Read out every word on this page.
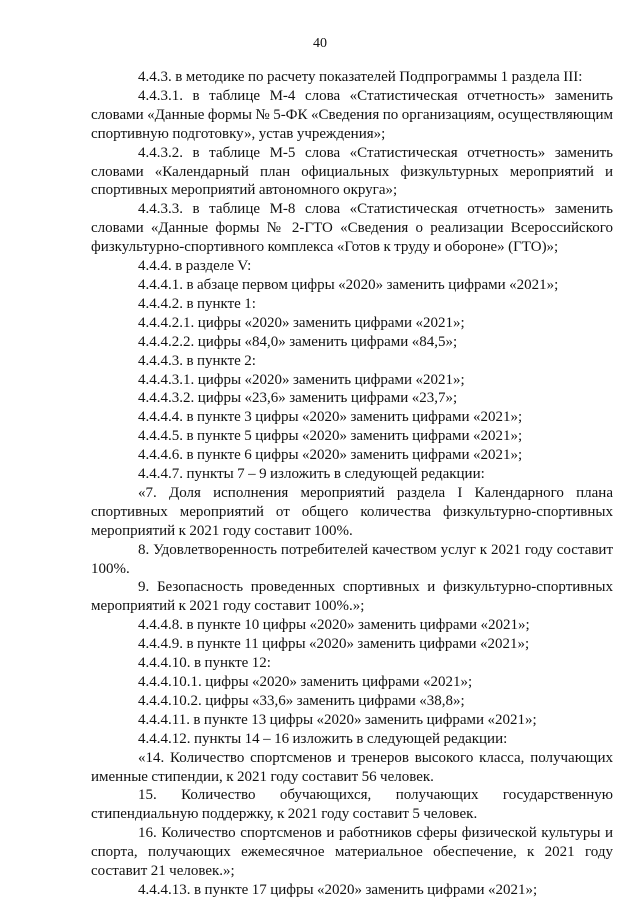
40

4.4.3. в методике по расчету показателей Подпрограммы 1 раздела III:

4.4.3.1. в таблице М-4 слова «Статистическая отчетность» заменить словами «Данные формы № 5-ФК «Сведения по организациям, осуществляющим спортивную подготовку», устав учреждения»;

4.4.3.2. в таблице М-5 слова «Статистическая отчетность» заменить словами «Календарный план официальных физкультурных мероприятий и спортивных мероприятий автономного округа»;

4.4.3.3. в таблице М-8 слова «Статистическая отчетность» заменить словами «Данные формы № 2-ГТО «Сведения о реализации Всероссийского физкультурно-спортивного комплекса «Готов к труду и обороне» (ГТО)»;

4.4.4. в разделе V:

4.4.4.1. в абзаце первом цифры «2020» заменить цифрами «2021»;

4.4.4.2. в пункте 1:

4.4.4.2.1. цифры «2020» заменить цифрами «2021»;

4.4.4.2.2. цифры «84,0» заменить цифрами «84,5»;

4.4.4.3. в пункте 2:

4.4.4.3.1. цифры «2020» заменить цифрами «2021»;

4.4.4.3.2. цифры «23,6» заменить цифрами «23,7»;

4.4.4.4. в пункте 3 цифры «2020» заменить цифрами «2021»;

4.4.4.5. в пункте 5 цифры «2020» заменить цифрами «2021»;

4.4.4.6. в пункте 6 цифры «2020» заменить цифрами «2021»;

4.4.4.7. пункты 7 – 9 изложить в следующей редакции:

«7. Доля исполнения мероприятий раздела I Календарного плана спортивных мероприятий от общего количества физкультурно-спортивных мероприятий к 2021 году составит 100%.

8. Удовлетворенность потребителей качеством услуг к 2021 году составит 100%.

9. Безопасность проведенных спортивных и физкультурно-спортивных мероприятий к 2021 году составит 100%.»;

4.4.4.8. в пункте 10 цифры «2020» заменить цифрами «2021»;

4.4.4.9. в пункте 11 цифры «2020» заменить цифрами «2021»;

4.4.4.10. в пункте 12:

4.4.4.10.1. цифры «2020» заменить цифрами «2021»;

4.4.4.10.2. цифры «33,6» заменить цифрами «38,8»;

4.4.4.11. в пункте 13 цифры «2020» заменить цифрами «2021»;

4.4.4.12. пункты 14 – 16 изложить в следующей редакции:

«14. Количество спортсменов и тренеров высокого класса, получающих именные стипендии, к 2021 году составит 56 человек.

15. Количество обучающихся, получающих государственную стипендиальную поддержку, к 2021 году составит 5 человек.

16. Количество спортсменов и работников сферы физической культуры и спорта, получающих ежемесячное материальное обеспечение, к 2021 году составит 21 человек.»;

4.4.4.13. в пункте 17 цифры «2020» заменить цифрами «2021»;
